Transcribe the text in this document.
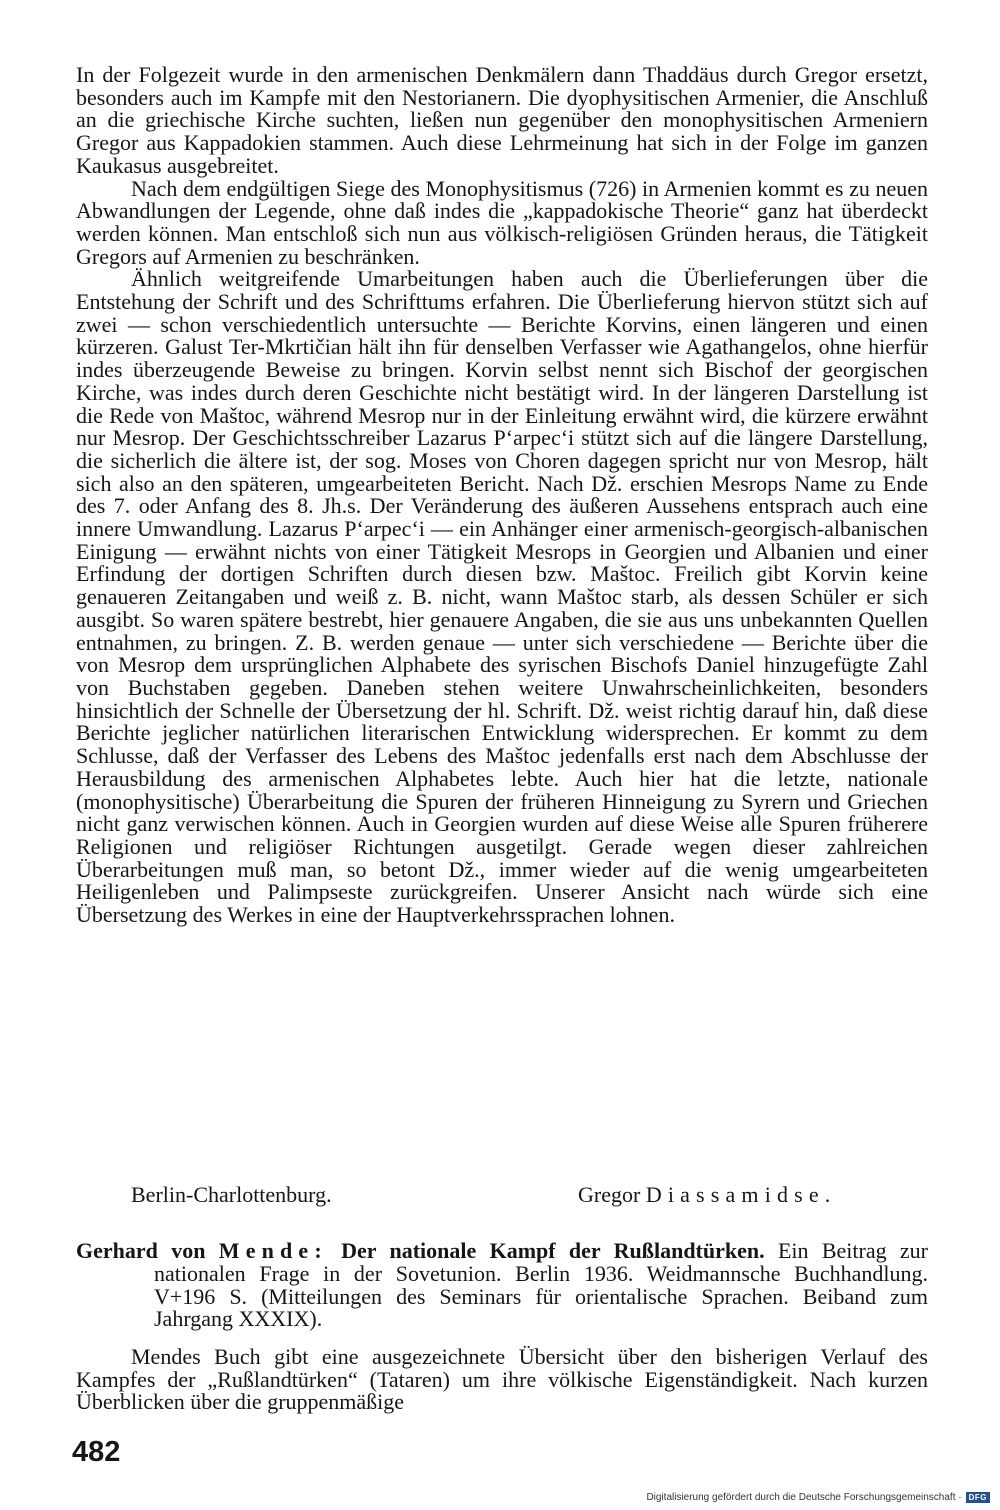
In der Folgezeit wurde in den armenischen Denkmälern dann Thaddäus durch Gregor ersetzt, besonders auch im Kampfe mit den Nestorianern. Die dyophysitischen Armenier, die Anschluß an die griechische Kirche suchten, ließen nun gegenüber den monophysitischen Armeniern Gregor aus Kappadokien stammen. Auch diese Lehrmeinung hat sich in der Folge im ganzen Kaukasus ausgebreitet.

Nach dem endgültigen Siege des Monophysitismus (726) in Armenien kommt es zu neuen Abwandlungen der Legende, ohne daß indes die „kappadokische Theorie“ ganz hat überdeckt werden können. Man entschloß sich nun aus völkisch-religiösen Gründen heraus, die Tätigkeit Gregors auf Armenien zu beschränken.

Ähnlich weitgreifende Umarbeitungen haben auch die Überlieferungen über die Entstehung der Schrift und des Schrifttums erfahren. Die Überlieferung hiervon stützt sich auf zwei — schon verschiedentlich untersuchte — Berichte Korvins, einen längeren und einen kürzeren. Galust Ter-Mkrtičian hält ihn für denselben Verfasser wie Agathangelos, ohne hierfür indes überzeugende Beweise zu bringen. Korvin selbst nennt sich Bischof der georgischen Kirche, was indes durch deren Geschichte nicht bestätigt wird. In der längeren Darstellung ist die Rede von Maštoc, während Mesrop nur in der Einleitung erwähnt wird, die kürzere erwähnt nur Mesrop. Der Geschichtsschreiber Lazarus P‘arpec‘i stützt sich auf die längere Darstellung, die sicherlich die ältere ist, der sog. Moses von Choren dagegen spricht nur von Mesrop, hält sich also an den späteren, umgearbeiteten Bericht. Nach Dž. erschien Mesrops Name zu Ende des 7. oder Anfang des 8. Jh.s. Der Veränderung des äußeren Aussehens entsprach auch eine innere Umwandlung. Lazarus P‘arpec‘i — ein Anhänger einer armenisch-georgisch-albanischen Einigung — erwähnt nichts von einer Tätigkeit Mesrops in Georgien und Albanien und einer Erfindung der dortigen Schriften durch diesen bzw. Maštoc. Freilich gibt Korvin keine genaueren Zeitangaben und weiß z. B. nicht, wann Maštoc starb, als dessen Schüler er sich ausgibt. So waren spätere bestrebt, hier genauere Angaben, die sie aus uns unbekannten Quellen entnahmen, zu bringen. Z. B. werden genaue — unter sich verschiedene — Berichte über die von Mesrop dem ursprünglichen Alphabete des syrischen Bischofs Daniel hinzugefügte Zahl von Buchstaben gegeben. Daneben stehen weitere Unwahrscheinlichkeiten, besonders hinsichtlich der Schnelle der Übersetzung der hl. Schrift. Dž. weist richtig darauf hin, daß diese Berichte jeglicher natürlichen literarischen Entwicklung widersprechen. Er kommt zu dem Schlusse, daß der Verfasser des Lebens des Maštoc jedenfalls erst nach dem Abschlusse der Herausbildung des armenischen Alphabetes lebte. Auch hier hat die letzte, nationale (monophysitische) Überarbeitung die Spuren der früheren Hinneigung zu Syrern und Griechen nicht ganz verwischen können. Auch in Georgien wurden auf diese Weise alle Spuren früherere Religionen und religiöser Richtungen ausgetilgt. Gerade wegen dieser zahlreichen Überarbeitungen muß man, so betont Dž., immer wieder auf die wenig umgearbeiteten Heiligenleben und Palimpseste zurückgreifen. Unserer Ansicht nach würde sich eine Übersetzung des Werkes in eine der Hauptverkehrssprachen lohnen.

Berlin-Charlottenburg.	Gregor Diassamidse.

Gerhard von Mende: Der nationale Kampf der Rußlandtürken. Ein Beitrag zur nationalen Frage in der Sovetunion. Berlin 1936. Weidmannsche Buchhandlung. V+196 S. (Mitteilungen des Seminars für orientalische Sprachen. Beiband zum Jahrgang XXXIX).

Mendes Buch gibt eine ausgezeichnete Übersicht über den bisherigen Verlauf des Kampfes der „Rußlandtürken“ (Tataren) um ihre völkische Eigenständigkeit. Nach kurzen Überblicken über die gruppenmäßige

482
Digitalisierung gefördert durch die Deutsche Forschungsgemeinschaft · DFG
